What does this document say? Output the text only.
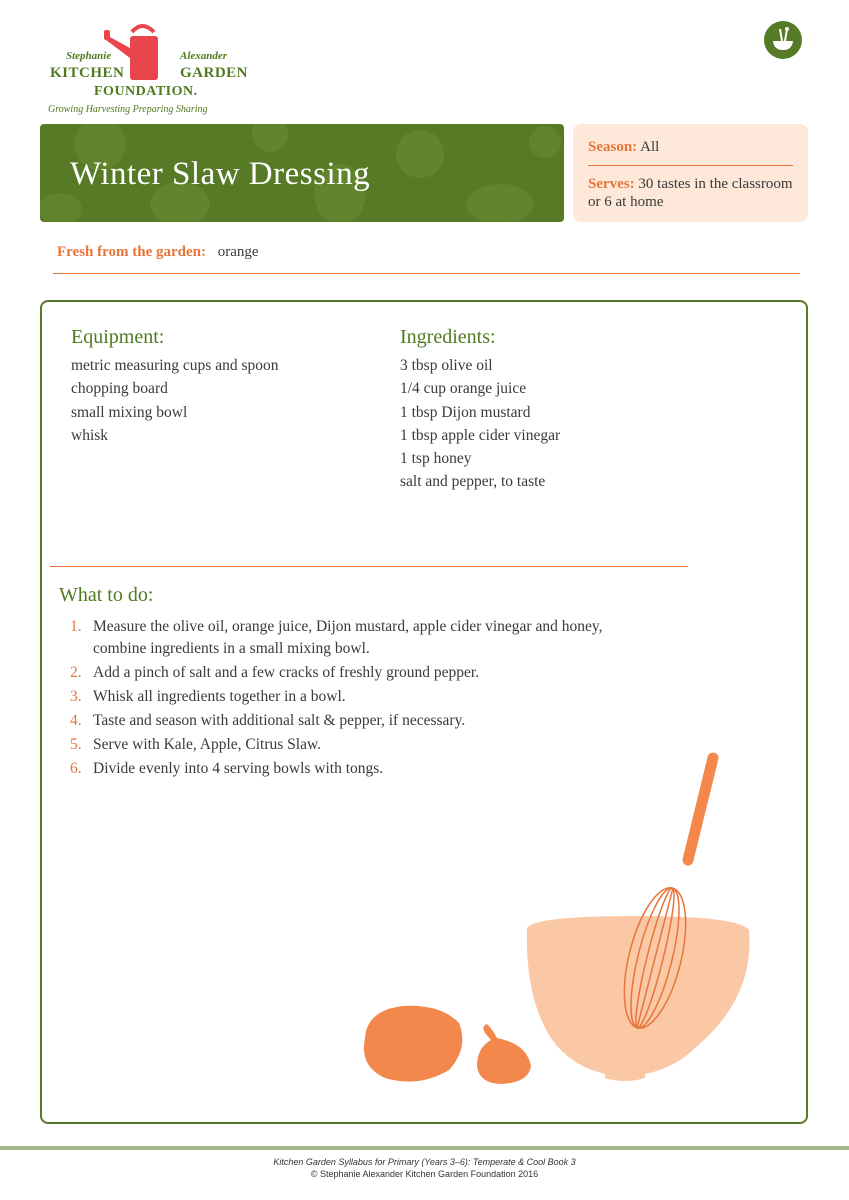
Stephanie	Alexander
KITCHEN	GARDEN
FOUNDATION.
Growing Harvesting Preparing Sharing
Winter Slaw Dressing
Season: All
Serves: 30 tastes in the classroom or 6 at home
Fresh from the garden: orange
Equipment:
metric measuring cups and spoon
chopping board
small mixing bowl
whisk
Ingredients:
3 tbsp olive oil
1/4 cup orange juice
1 tbsp Dijon mustard
1 tbsp apple cider vinegar
1 tsp honey
salt and pepper, to taste
What to do:
1. Measure the olive oil, orange juice, Dijon mustard, apple cider vinegar and honey, combine ingredients in a small mixing bowl.
2. Add a pinch of salt and a few cracks of freshly ground pepper.
3. Whisk all ingredients together in a bowl.
4. Taste and season with additional salt & pepper, if necessary.
5. Serve with Kale, Apple, Citrus Slaw.
6. Divide evenly into 4 serving bowls with tongs.
Kitchen Garden Syllabus for Primary (Years 3–6): Temperate & Cool Book 3
© Stephanie Alexander Kitchen Garden Foundation 2016
